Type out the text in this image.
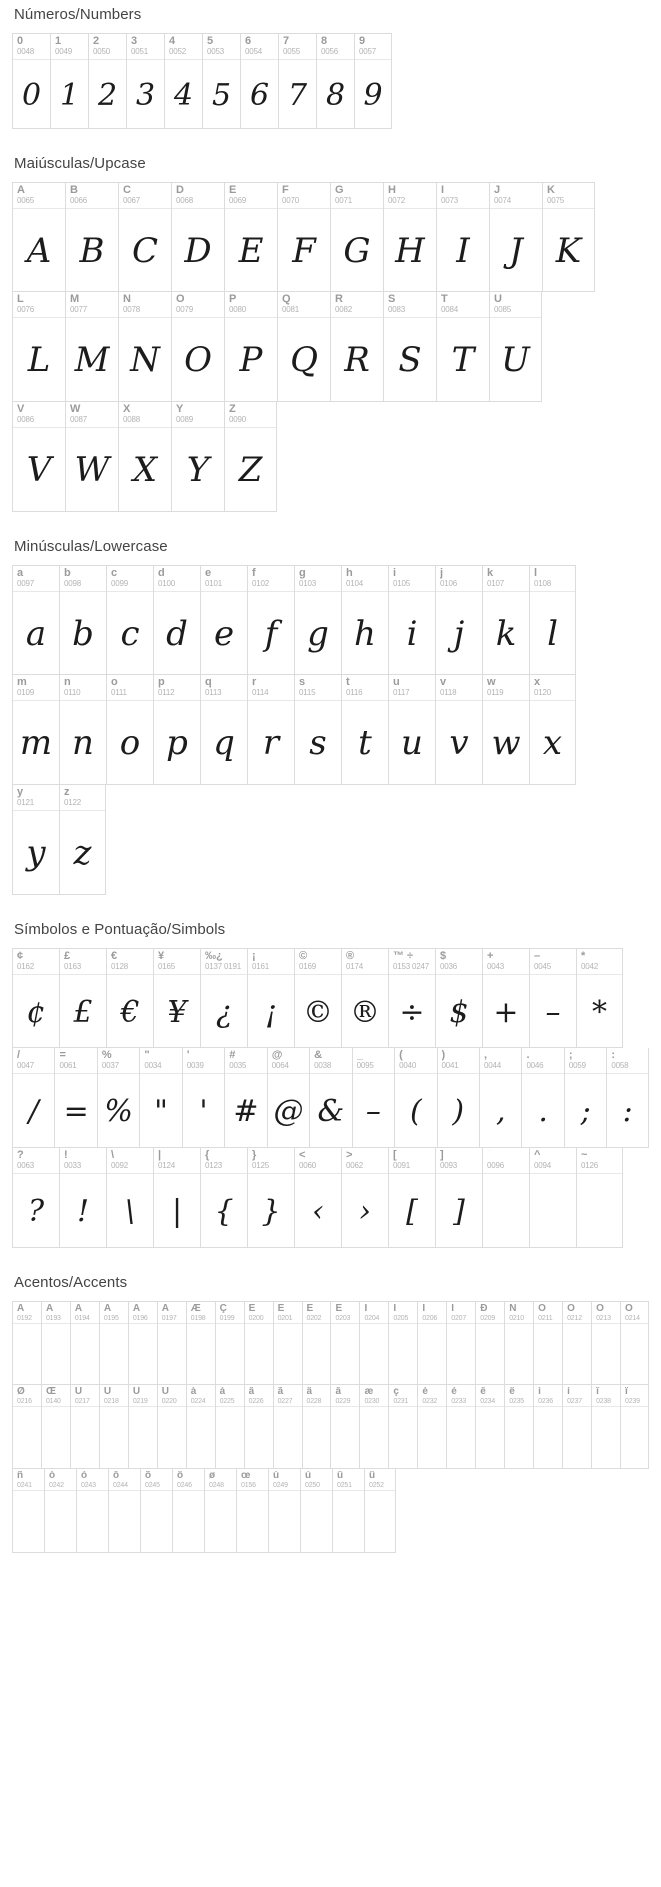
Números/Numbers
0
0048
0
1
0049
1
2
0050
2
3
0051
3
4
0052
4
5
0053
5
6
0054
6
7
0055
7
8
0056
8
9
0057
9
Maiúsculas/Upcase
A
0065
A
B
0066
B
C
0067
C
D
0068
D
E
0069
E
F
0070
F
G
0071
G
H
0072
H
I
0073
I
J
0074
J
K
0075
K
L
0076
L
M
0077
M
N
0078
N
O
0079
O
P
0080
P
Q
0081
Q
R
0082
R
S
0083
S
T
0084
T
U
0085
U
V
0086
V
W
0087
W
X
0088
X
Y
0089
Y
Z
0090
Z
Minúsculas/Lowercase
a
0097
a
b
0098
b
c
0099
c
d
0100
d
e
0101
e
f
0102
f
g
0103
g
h
0104
h
i
0105
i
j
0106
j
k
0107
k
l
0108
l
m
0109
m
n
0110
n
o
0111
o
p
0112
p
q
0113
q
r
0114
r
s
0115
s
t
0116
t
u
0117
u
v
0118
v
w
0119
w
x
0120
x
y
0121
y
z
0122
z
Símbolos e Pontuação/Simbols
¢
0162
¢
£
0163
£
€
0128
€
¥
0165
¥
‰¿
0137 0191
¿
¡
0161
¡
©
0169
©
®
0174
®
™ ÷
0153 0247
÷
$
0036
$
+
0043
+
–
0045
–
*
0042
*
/
0047
/
=
0061
=
%
0037
%
"
0034
"
'
0039
'
#
0035
#
@
0064
@
&
0038
&
_
0095
–
(
0040
(
)
0041
)
,
0044
,
.
0046
.
;
0059
;
:
0058
:
?
0063
?
!
0033
!
\
0092
\
|
0124
|
{
0123
{
}
0125
}
<
0060
‹
>
0062
›
[
0091
[
]
0093
]
¯
0096
^
0094
~
0126
Acentos/Accents
À
0192
Á
0193
Â
0194
Ã
0195
Ä
0196
Å
0197
Æ
0198
Ç
0199
È
0200
É
0201
Ê
0202
Ë
0203
Ì
0204
Í
0205
Î
0206
Ï
0207
Ð
0209
Ñ
0210
Ò
0211
Ó
0212
Ô
0213
Õ
0214
Ø
0216
Œ
0140
Ù
0217
Ú
0218
Û
0219
Ü
0220
à
0224
á
0225
â
0226
ã
0227
ä
0228
â
0229
æ
0230
ç
0231
è
0232
é
0233
ê
0234
ë
0235
ì
0236
í
0237
î
0238
ï
0239
ñ
0241
ò
0242
ó
0243
ô
0244
õ
0245
ö
0246
ø
0248
œ
0156
ù
0249
ú
0250
û
0251
ü
0252
